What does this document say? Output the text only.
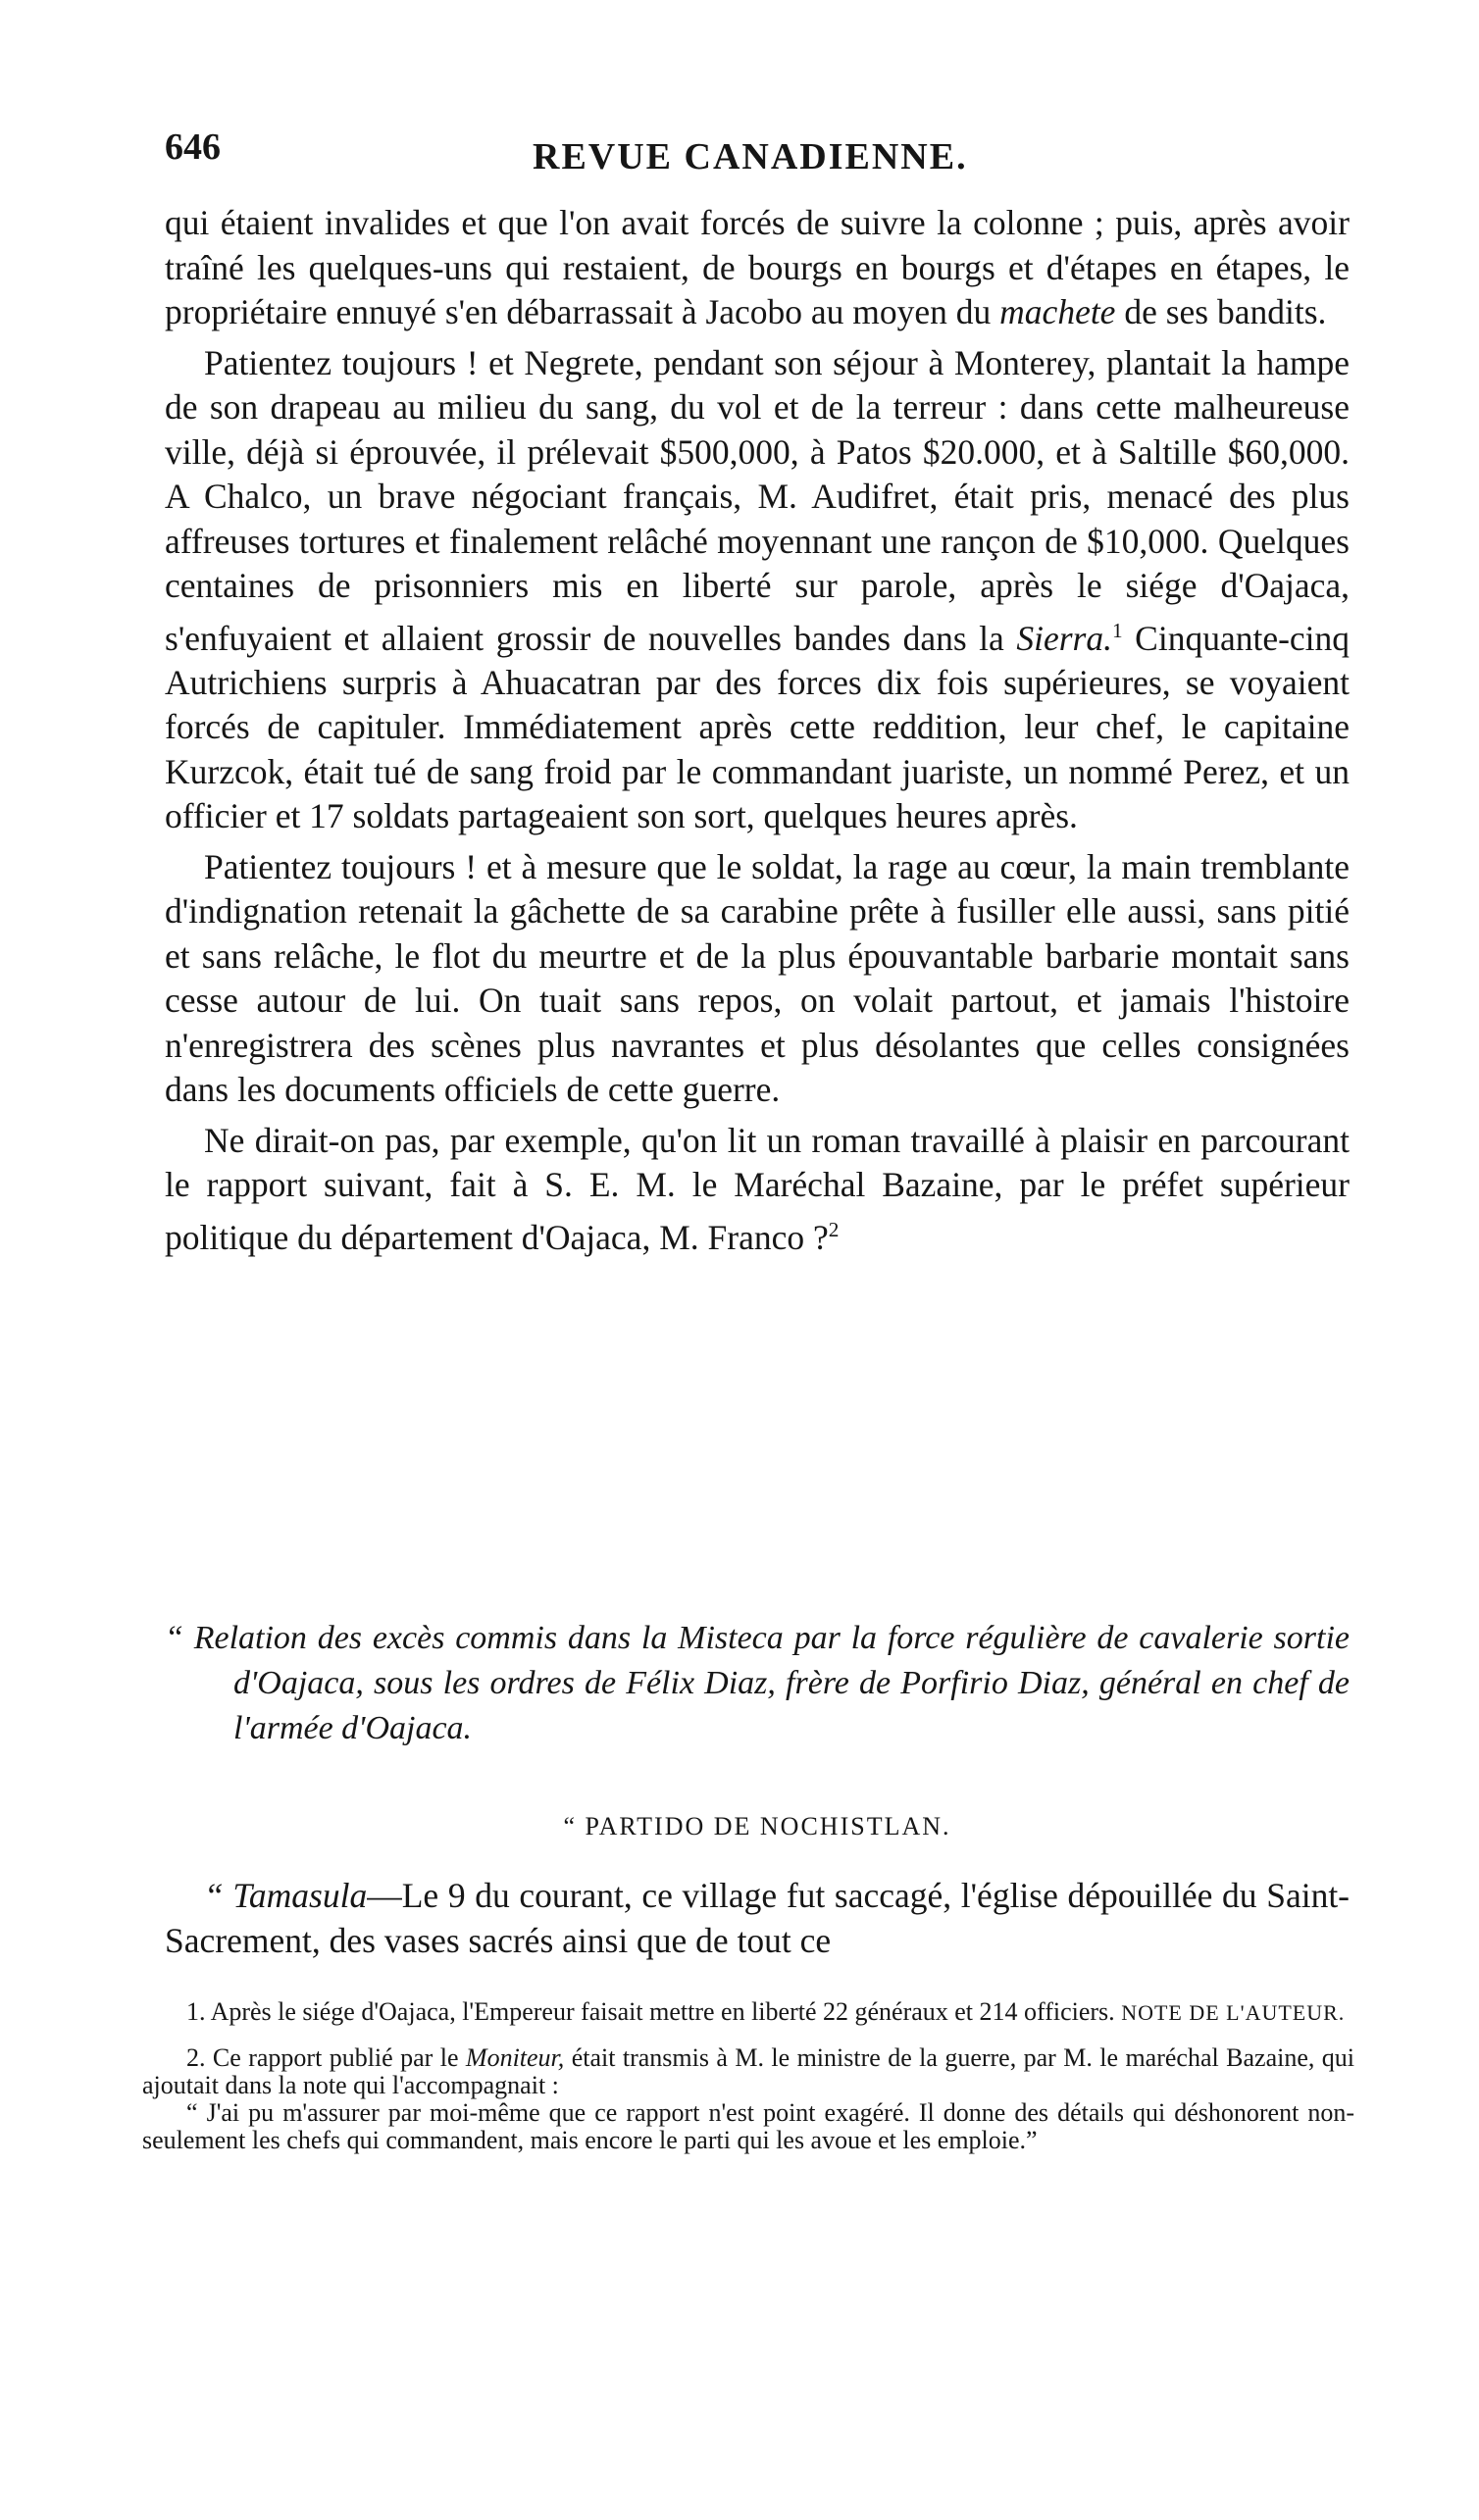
646	REVUE CANADIENNE.

qui étaient invalides et que l'on avait forcés de suivre la colonne ; puis, après avoir traîné les quelques-uns qui restaient, de bourgs en bourgs et d'étapes en étapes, le propriétaire ennuyé s'en débarrassait à Jacobo au moyen du machete de ses bandits.

Patientez toujours ! et Negrete, pendant son séjour à Monterey, plantait la hampe de son drapeau au milieu du sang, du vol et de la terreur : dans cette malheureuse ville, déjà si éprouvée, il prélevait $500,000, à Patos $20.000, et à Saltille $60,000. A Chalco, un brave négociant français, M. Audifret, était pris, menacé des plus affreuses tortures et finalement relâché moyennant une rançon de $10,000. Quelques centaines de prisonniers mis en liberté sur parole, après le siége d'Oajaca, s'enfuyaient et allaient grossir de nouvelles bandes dans la Sierra.$^1$ Cinquante-cinq Autrichiens surpris à Ahuacatran par des forces dix fois supérieures, se voyaient forcés de capituler. Immédiatement après cette reddition, leur chef, le capitaine Kurzcok, était tué de sang froid par le commandant juariste, un nommé Perez, et un officier et 17 soldats partageaient son sort, quelques heures après.

Patientez toujours ! et à mesure que le soldat, la rage au cœur, la main tremblante d'indignation retenait la gâchette de sa carabine prête à fusiller elle aussi, sans pitié et sans relâche, le flot du meurtre et de la plus épouvantable barbarie montait sans cesse autour de lui. On tuait sans repos, on volait partout, et jamais l'histoire n'enregistrera des scènes plus navrantes et plus désolantes que celles consignées dans les documents officiels de cette guerre.

Ne dirait-on pas, par exemple, qu'on lit un roman travaillé à plaisir en parcourant le rapport suivant, fait à S. E. M. le Maréchal Bazaine, par le préfet supérieur politique du département d'Oajaca, M. Franco ?$^2$

“ Relation des excès commis dans la Misteca par la force régulière de cavalerie sortie d'Oajaca, sous les ordres de Félix Diaz, frère de Porfirio Diaz, général en chef de l'armée d'Oajaca.
“ PARTIDO DE NOCHISTLAN.
“ Tamasula—Le 9 du courant, ce village fut saccagé, l'église dépouillée du Saint-Sacrement, des vases sacrés ainsi que de tout ce

1. Après le siége d'Oajaca, l'Empereur faisait mettre en liberté 22 généraux et 214 officiers. NOTE DE L'AUTEUR.

2. Ce rapport publié par le Moniteur, était transmis à M. le ministre de la guerre, par M. le maréchal Bazaine, qui ajoutait dans la note qui l'accompagnait :
“ J'ai pu m'assurer par moi-même que ce rapport n'est point exagéré. Il donne des détails qui déshonorent non-seulement les chefs qui commandent, mais encore le parti qui les avoue et les emploie.”
